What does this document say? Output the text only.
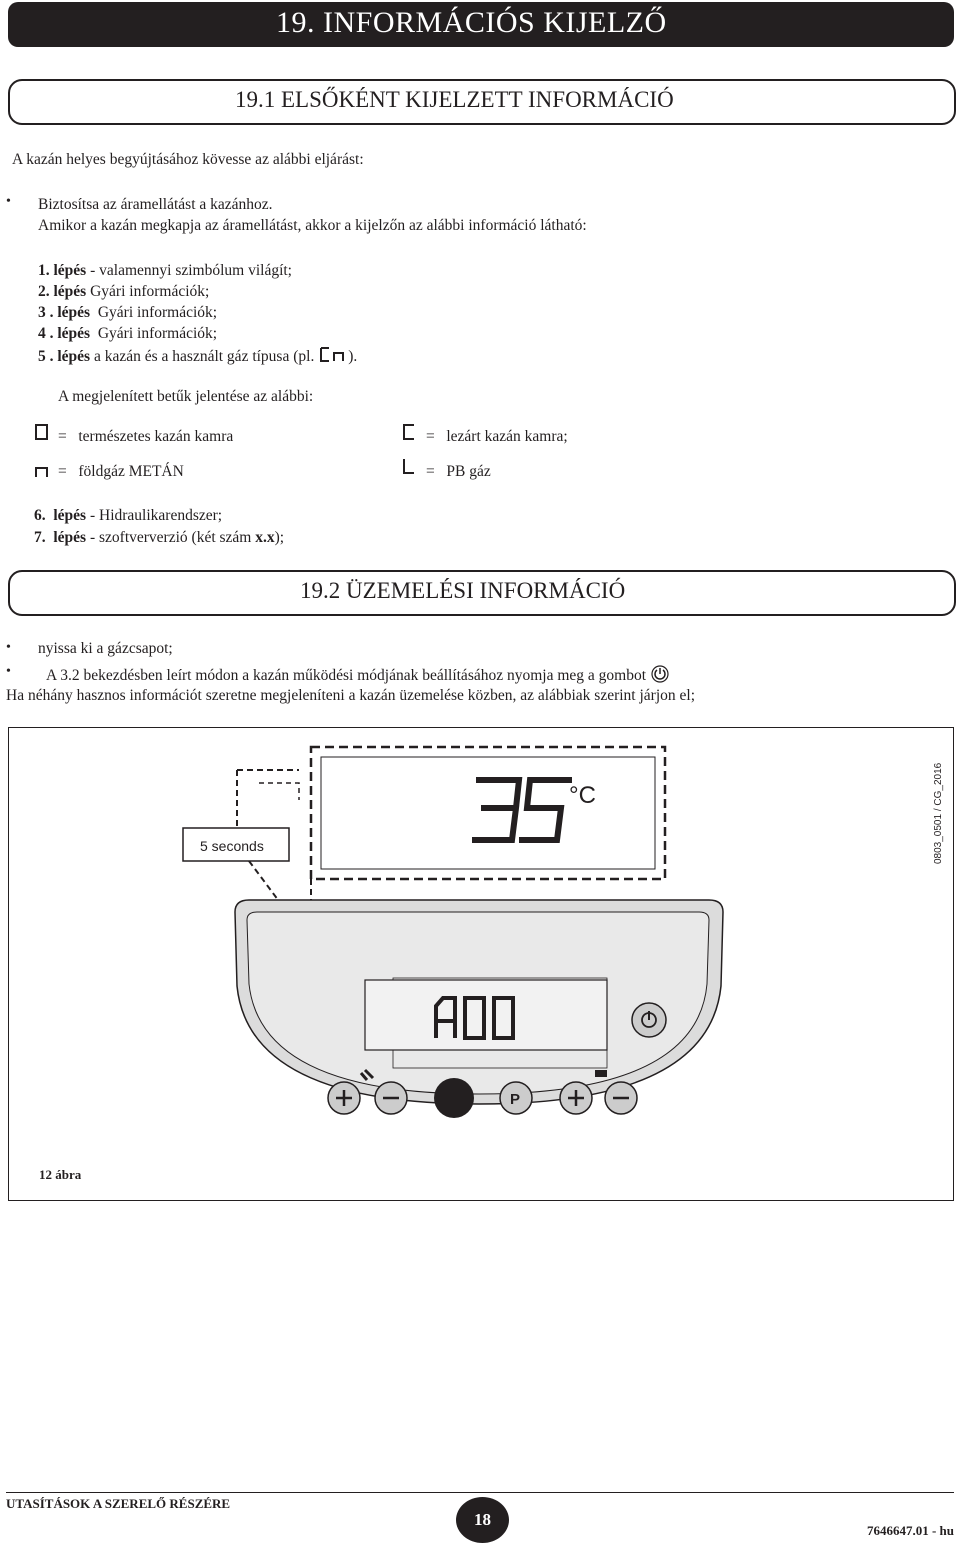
19. INFORMÁCIÓS KIJELZŐ
19.1 ELSŐKÉNT KIJELZETT INFORMÁCIÓ
A kazán helyes begyújtásához kövesse az alábbi eljárást:
• Biztosítsa az áramellátást a kazánhoz.
Amikor a kazán megkapja az áramellátást, akkor a kijelzőn az alábbi információ látható:
1. lépés - valamennyi szimbólum világít;
2. lépés Gyári információk;
3 . lépés  Gyári információk;
4 . lépés  Gyári információk;
5 . lépés a kazán és a használt gáz típusa (pl. ).
A megjelenített betűk jelentése az alábbi:
=   természetes kazán kamra	=   lezárt kazán kamra;
=   földgáz METÁN	=   PB gáz
6.  lépés - Hidraulikarendszer;
7.  lépés - szoftververzió (két szám x.x);
19.2 ÜZEMELÉSI INFORMÁCIÓ
• nyissa ki a gázcsapot;
• A 3.2 bekezdésben leírt módon a kazán működési módjának beállításához nyomja meg a gombot
Ha néhány hasznos információt szeretne megjeleníteni a kazán üzemelése közben, az alábbiak szerint járjon el;
°C
5 seconds
P
0803_0501 / CG_2016
12 ábra
UTASÍTÁSOK A SZERELŐ RÉSZÉRE
18
7646647.01 - hu
